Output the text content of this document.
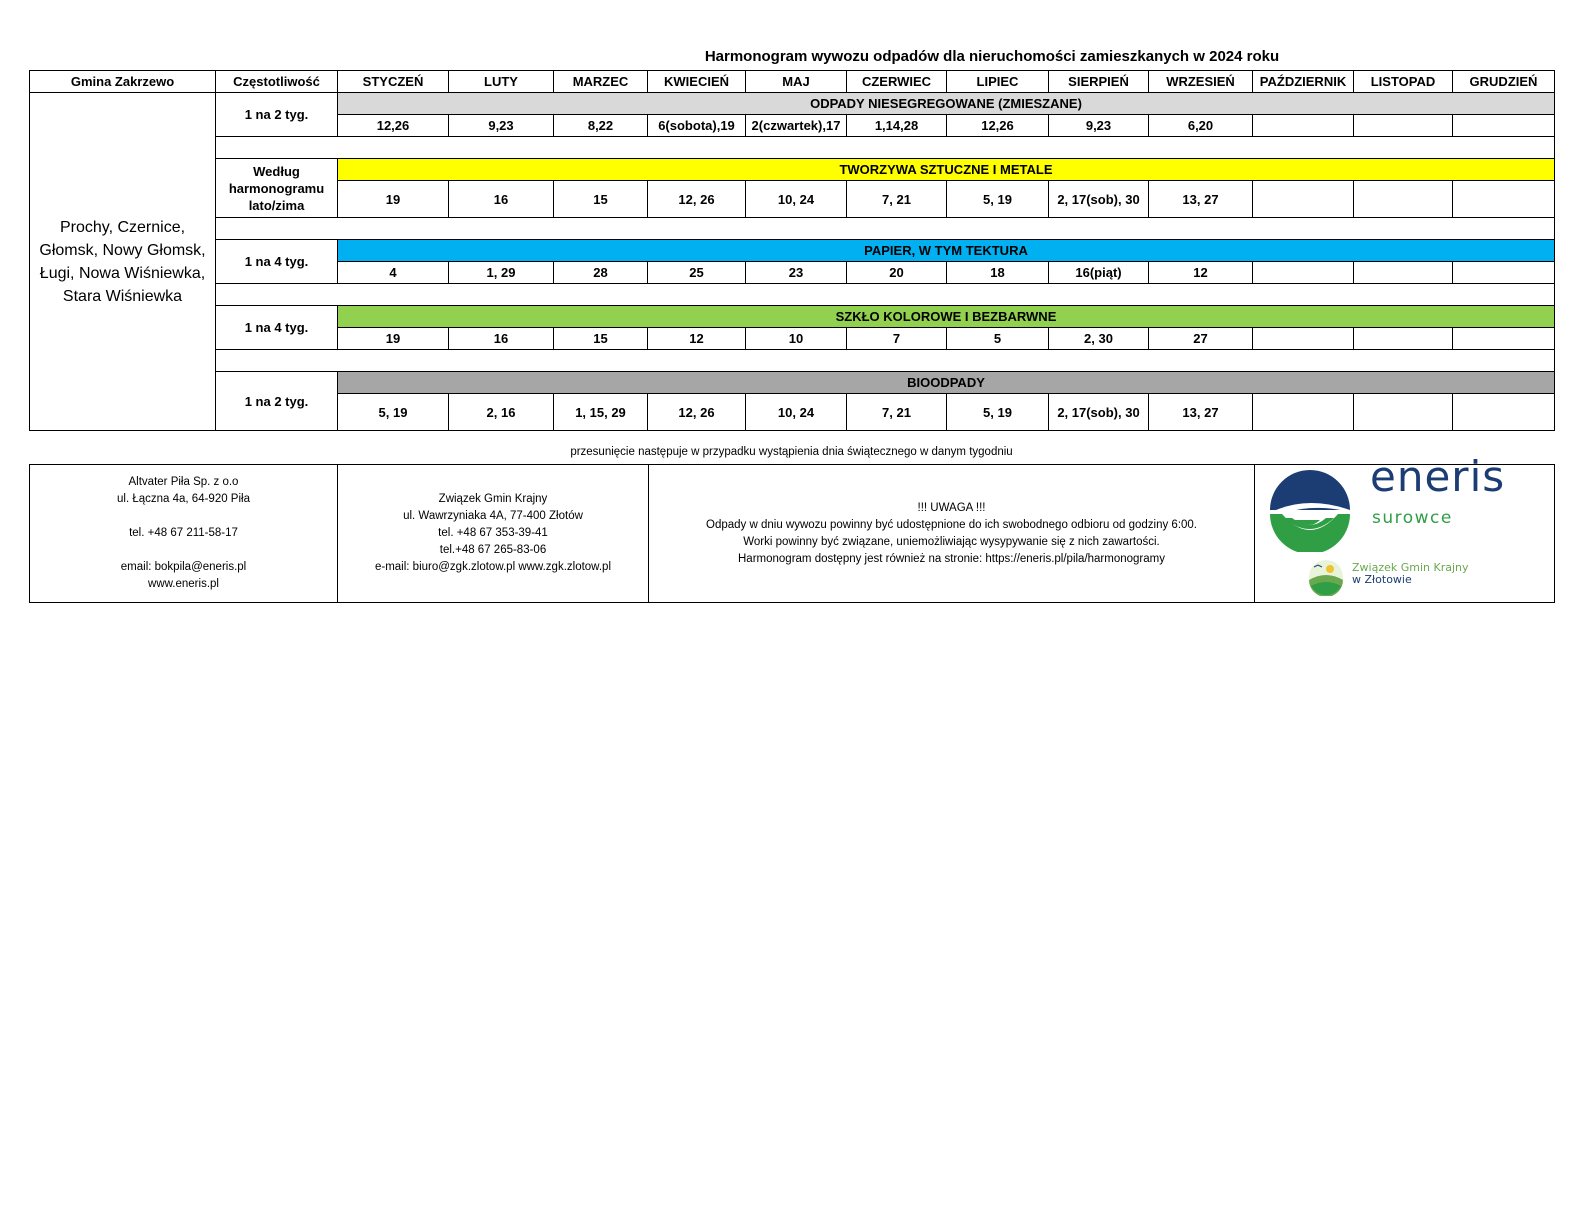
Harmonogram wywozu odpadów dla nieruchomości zamieszkanych w 2024 roku
Gmina Zakrzewo	Częstotliwość	STYCZEŃ	LUTY	MARZEC	KWIECIEŃ	MAJ	CZERWIEC	LIPIEC	SIERPIEŃ	WRZESIEŃ	PAŹDZIERNIK	LISTOPAD	GRUDZIEŃ

Prochy, Czernice,
Głomsk, Nowy Głomsk,
Ługi, Nowa Wiśniewka,
Stara Wiśniewka	1 na 2 tyg.	ODPADY NIESEGREGOWANE (ZMIESZANE)											
		12,26	9,23	8,22	6(sobota),19	2(czwartek),17	1,14,28	12,26	9,23	6,20			

	Według
harmonogramu
lato/zima	TWORZYWA SZTUCZNE I METALE											
		19	16	15	12, 26	10, 24	7, 21	5, 19	2, 17(sob), 30	13, 27			

	1 na 4 tyg.	PAPIER, W TYM TEKTURA											
		4	1, 29	28	25	23	20	18	16(piąt)	12			

	1 na 4 tyg.	SZKŁO KOLOROWE I BEZBARWNE											
		19	16	15	12	10	7	5	2, 30	27			

	1 na 2 tyg.	BIOODPADY											
		5, 19	2, 16	1, 15, 29	12, 26	10, 24	7, 21	5, 19	2, 17(sob), 30	13, 27			
przesunięcie następuje w przypadku wystąpienia dnia świątecznego w danym tygodniu
Altvater Piła Sp. z o.o
ul. Łączna 4a, 64-920 Piła

tel. +48 67 211-58-17

email: bokpila@eneris.pl
www.eneris.pl

Związek Gmin Krajny
ul. Wawrzyniaka 4A, 77-400 Złotów
tel. +48 67 353-39-41
tel.+48 67 265-83-06
e-mail: biuro@zgk.zlotow.pl www.zgk.zlotow.pl

!!! UWAGA !!!
Odpady w dniu wywozu powinny być udostępnione do ich swobodnego odbioru od godziny 6:00.
Worki powinny być związane, uniemożliwiając wysypywanie się z nich zawartości.
Harmonogram dostępny jest również na stronie: https://eneris.pl/pila/harmonogramy

eneris
surowce
Związek Gmin Krajny
w Złotowie
